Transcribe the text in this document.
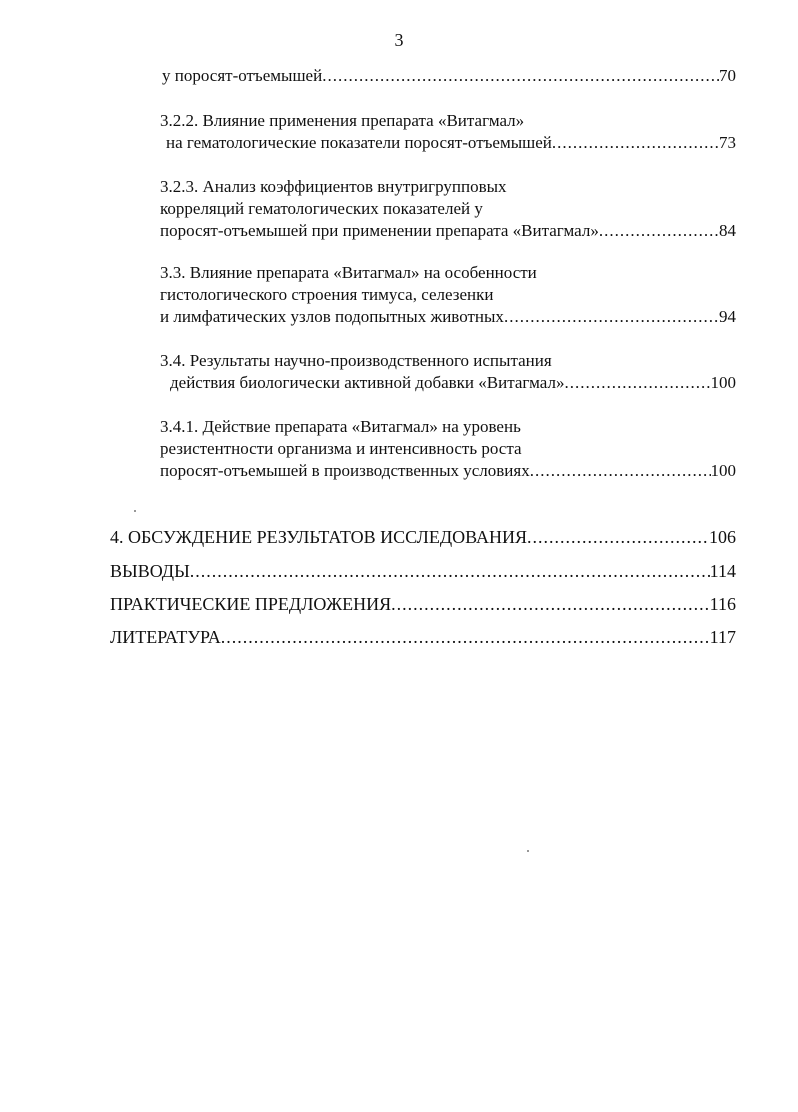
3
у поросят-отъемышей .....	70
3.2.2. Влияние применения препарата «Витагмал»
на гематологические показатели поросят-отъемышей .....	73
3.2.3. Анализ коэффициентов внутригрупповых
корреляций гематологических показателей у
поросят-отъемышей при применении препарата «Витагмал» .....	84
3.3. Влияние препарата «Витагмал» на особенности
гистологического строения тимуса, селезенки
и лимфатических узлов подопытных животных .....	94
3.4. Результаты научно-производственного испытания
действия биологически активной добавки «Витагмал» .....	100
3.4.1. Действие препарата «Витагмал» на уровень
резистентности организма и интенсивность роста
поросят-отъемышей в производственных условиях .....	100
4. ОБСУЖДЕНИЕ РЕЗУЛЬТАТОВ ИССЛЕДОВАНИЯ .....	106
ВЫВОДЫ .....	114
ПРАКТИЧЕСКИЕ ПРЕДЛОЖЕНИЯ .....	116
ЛИТЕРАТУРА .....	117
